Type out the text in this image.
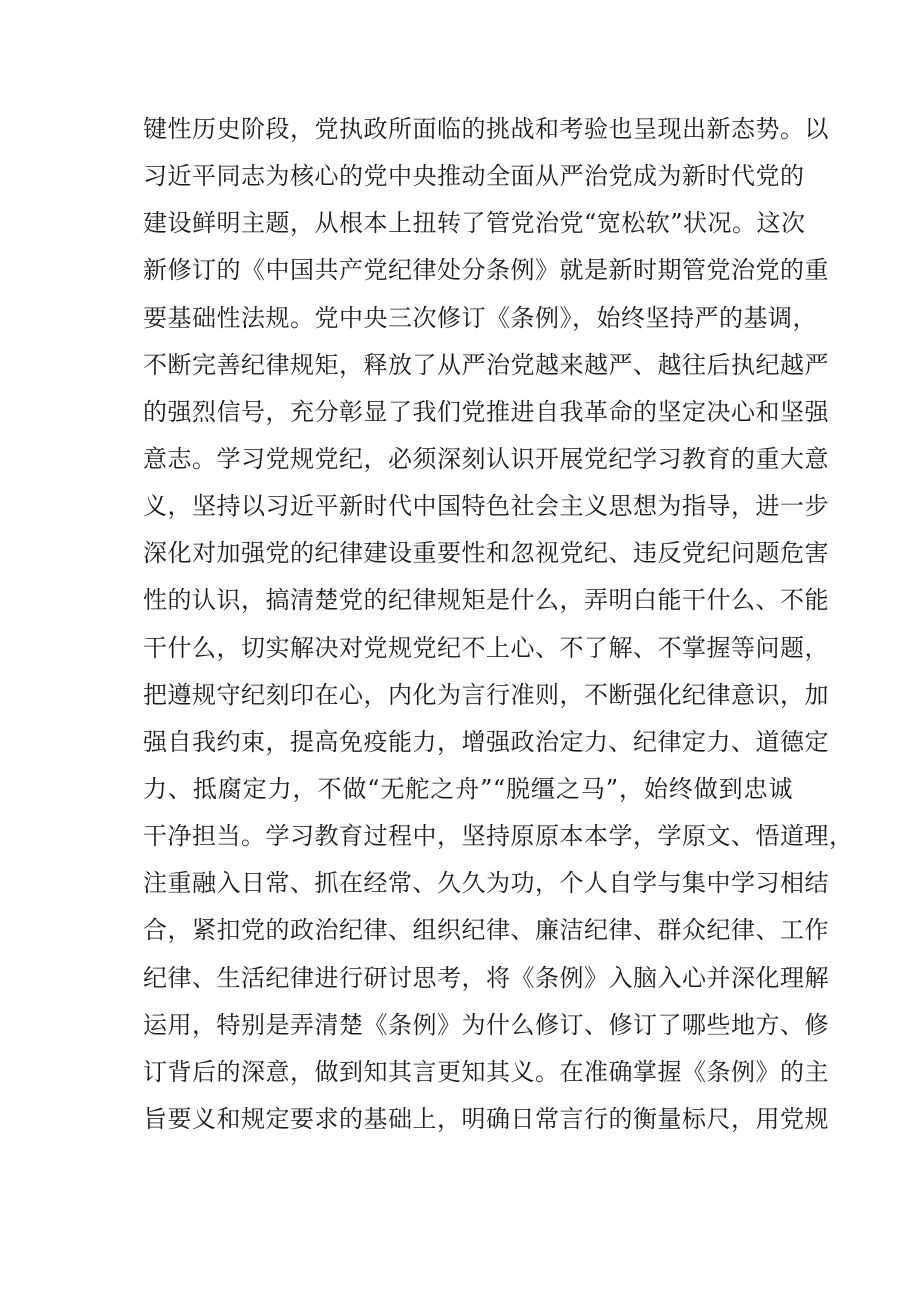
键性历史阶段，党执政所面临的挑战和考验也呈现出新态势。以
习近平同志为核心的党中央推动全面从严治党成为新时代党的
建设鲜明主题，从根本上扭转了管党治党“宽松软”状况。这次
新修订的《中国共产党纪律处分条例》就是新时期管党治党的重
要基础性法规。党中央三次修订《条例》，始终坚持严的基调，
不断完善纪律规矩，释放了从严治党越来越严、越往后执纪越严
的强烈信号，充分彰显了我们党推进自我革命的坚定决心和坚强
意志。学习党规党纪，必须深刻认识开展党纪学习教育的重大意
义，坚持以习近平新时代中国特色社会主义思想为指导，进一步
深化对加强党的纪律建设重要性和忽视党纪、违反党纪问题危害
性的认识，搞清楚党的纪律规矩是什么，弄明白能干什么、不能
干什么，切实解决对党规党纪不上心、不了解、不掌握等问题，
把遵规守纪刻印在心，内化为言行准则，不断强化纪律意识，加
强自我约束，提高免疫能力，增强政治定力、纪律定力、道德定
力、抵腐定力，不做“无舵之舟”“脱缰之马”，始终做到忠诚
干净担当。学习教育过程中，坚持原原本本学，学原文、悟道理，
注重融入日常、抓在经常、久久为功，个人自学与集中学习相结
合，紧扣党的政治纪律、组织纪律、廉洁纪律、群众纪律、工作
纪律、生活纪律进行研讨思考，将《条例》入脑入心并深化理解
运用，特别是弄清楚《条例》为什么修订、修订了哪些地方、修
订背后的深意，做到知其言更知其义。在准确掌握《条例》的主
旨要义和规定要求的基础上，明确日常言行的衡量标尺，用党规
